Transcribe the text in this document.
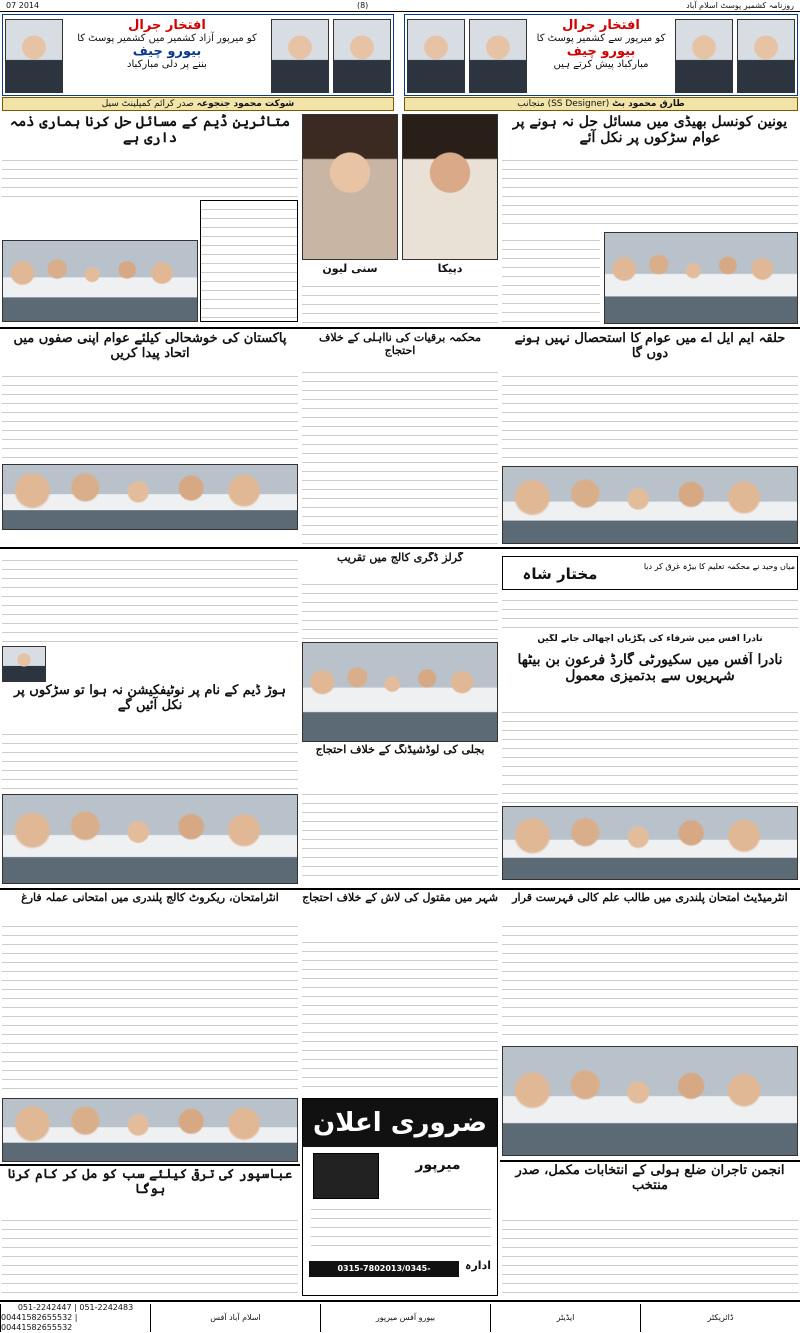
07 2014	(8)	روزنامہ کشمیر پوسٹ اسلام آباد
افتخار جرال
کو میرپور آزاد کشمیر میں کشمیر پوسٹ کا
بیورو چیف
بننے پر دلی مبارکباد
افتخار جرال
کو میرپور سے کشمیر پوسٹ کا
بیورو چیف
مبارکباد پیش کرتے ہیں
شوکت محمود جنجوعہ صدر کرائم کمپلینٹ سیل	طارق محمود بٹ (SS Designer) منجانب
یونین کونسل بھیڈی میں مسائل حل نہ ہونے پر عوام سڑکوں پر نکل آئے
سنی لیون	دپیکا
متاثرین ڈیم کے مسائل حل کرنا ہماری ذمہ داری ہے
حلقہ ایم ایل اے میں عوام کا استحصال نہیں ہونے دوں گا
پاکستان کی خوشحالی کیلئے عوام اپنی صفوں میں اتحاد پیدا کریں
محکمہ برقیات کی نااہلی کے خلاف احتجاج
گرلز ڈگری کالج میں تقریب
مختار شاہ	میاں وحید نے محکمہ تعلیم کا بیڑہ غرق کر دیا
نادرا آفس میں شرفاء کی پگڑیاں اچھالی جانے لگیں
نادرا آفس میں سکیورٹی گارڈ فرعون بن بیٹھا شہریوں سے بدتمیزی معمول
ہوڑ ڈیم کے نام پر نوٹیفکیشن نہ ہوا تو سڑکوں پر نکل آئیں گے
بجلی کی لوڈشیڈنگ کے خلاف احتجاج
انٹرمیڈیٹ امتحان پلندری میں طالب علم کالی فہرست قرار
انٹرامتحان، ریکروٹ کالج پلندری میں امتحانی عملہ فارغ	شہر میں مقتول کی لاش کے خلاف احتجاج
ضروری اعلان
میرپور
0315-7802013/0345-6116191/051-2242246
ادارہ
عباسپور کی ترقی کیلئے سب کو مل کر کام کرنا ہوگا
انجمن تاجران ضلع ہولی کے انتخابات مکمل، صدر منتخب
051-2242447 | 051-2242483
00441582655532 | 00441582655532
اسلام آباد آفس	بیورو آفس میرپور	ایڈیٹر	ڈائریکٹر
